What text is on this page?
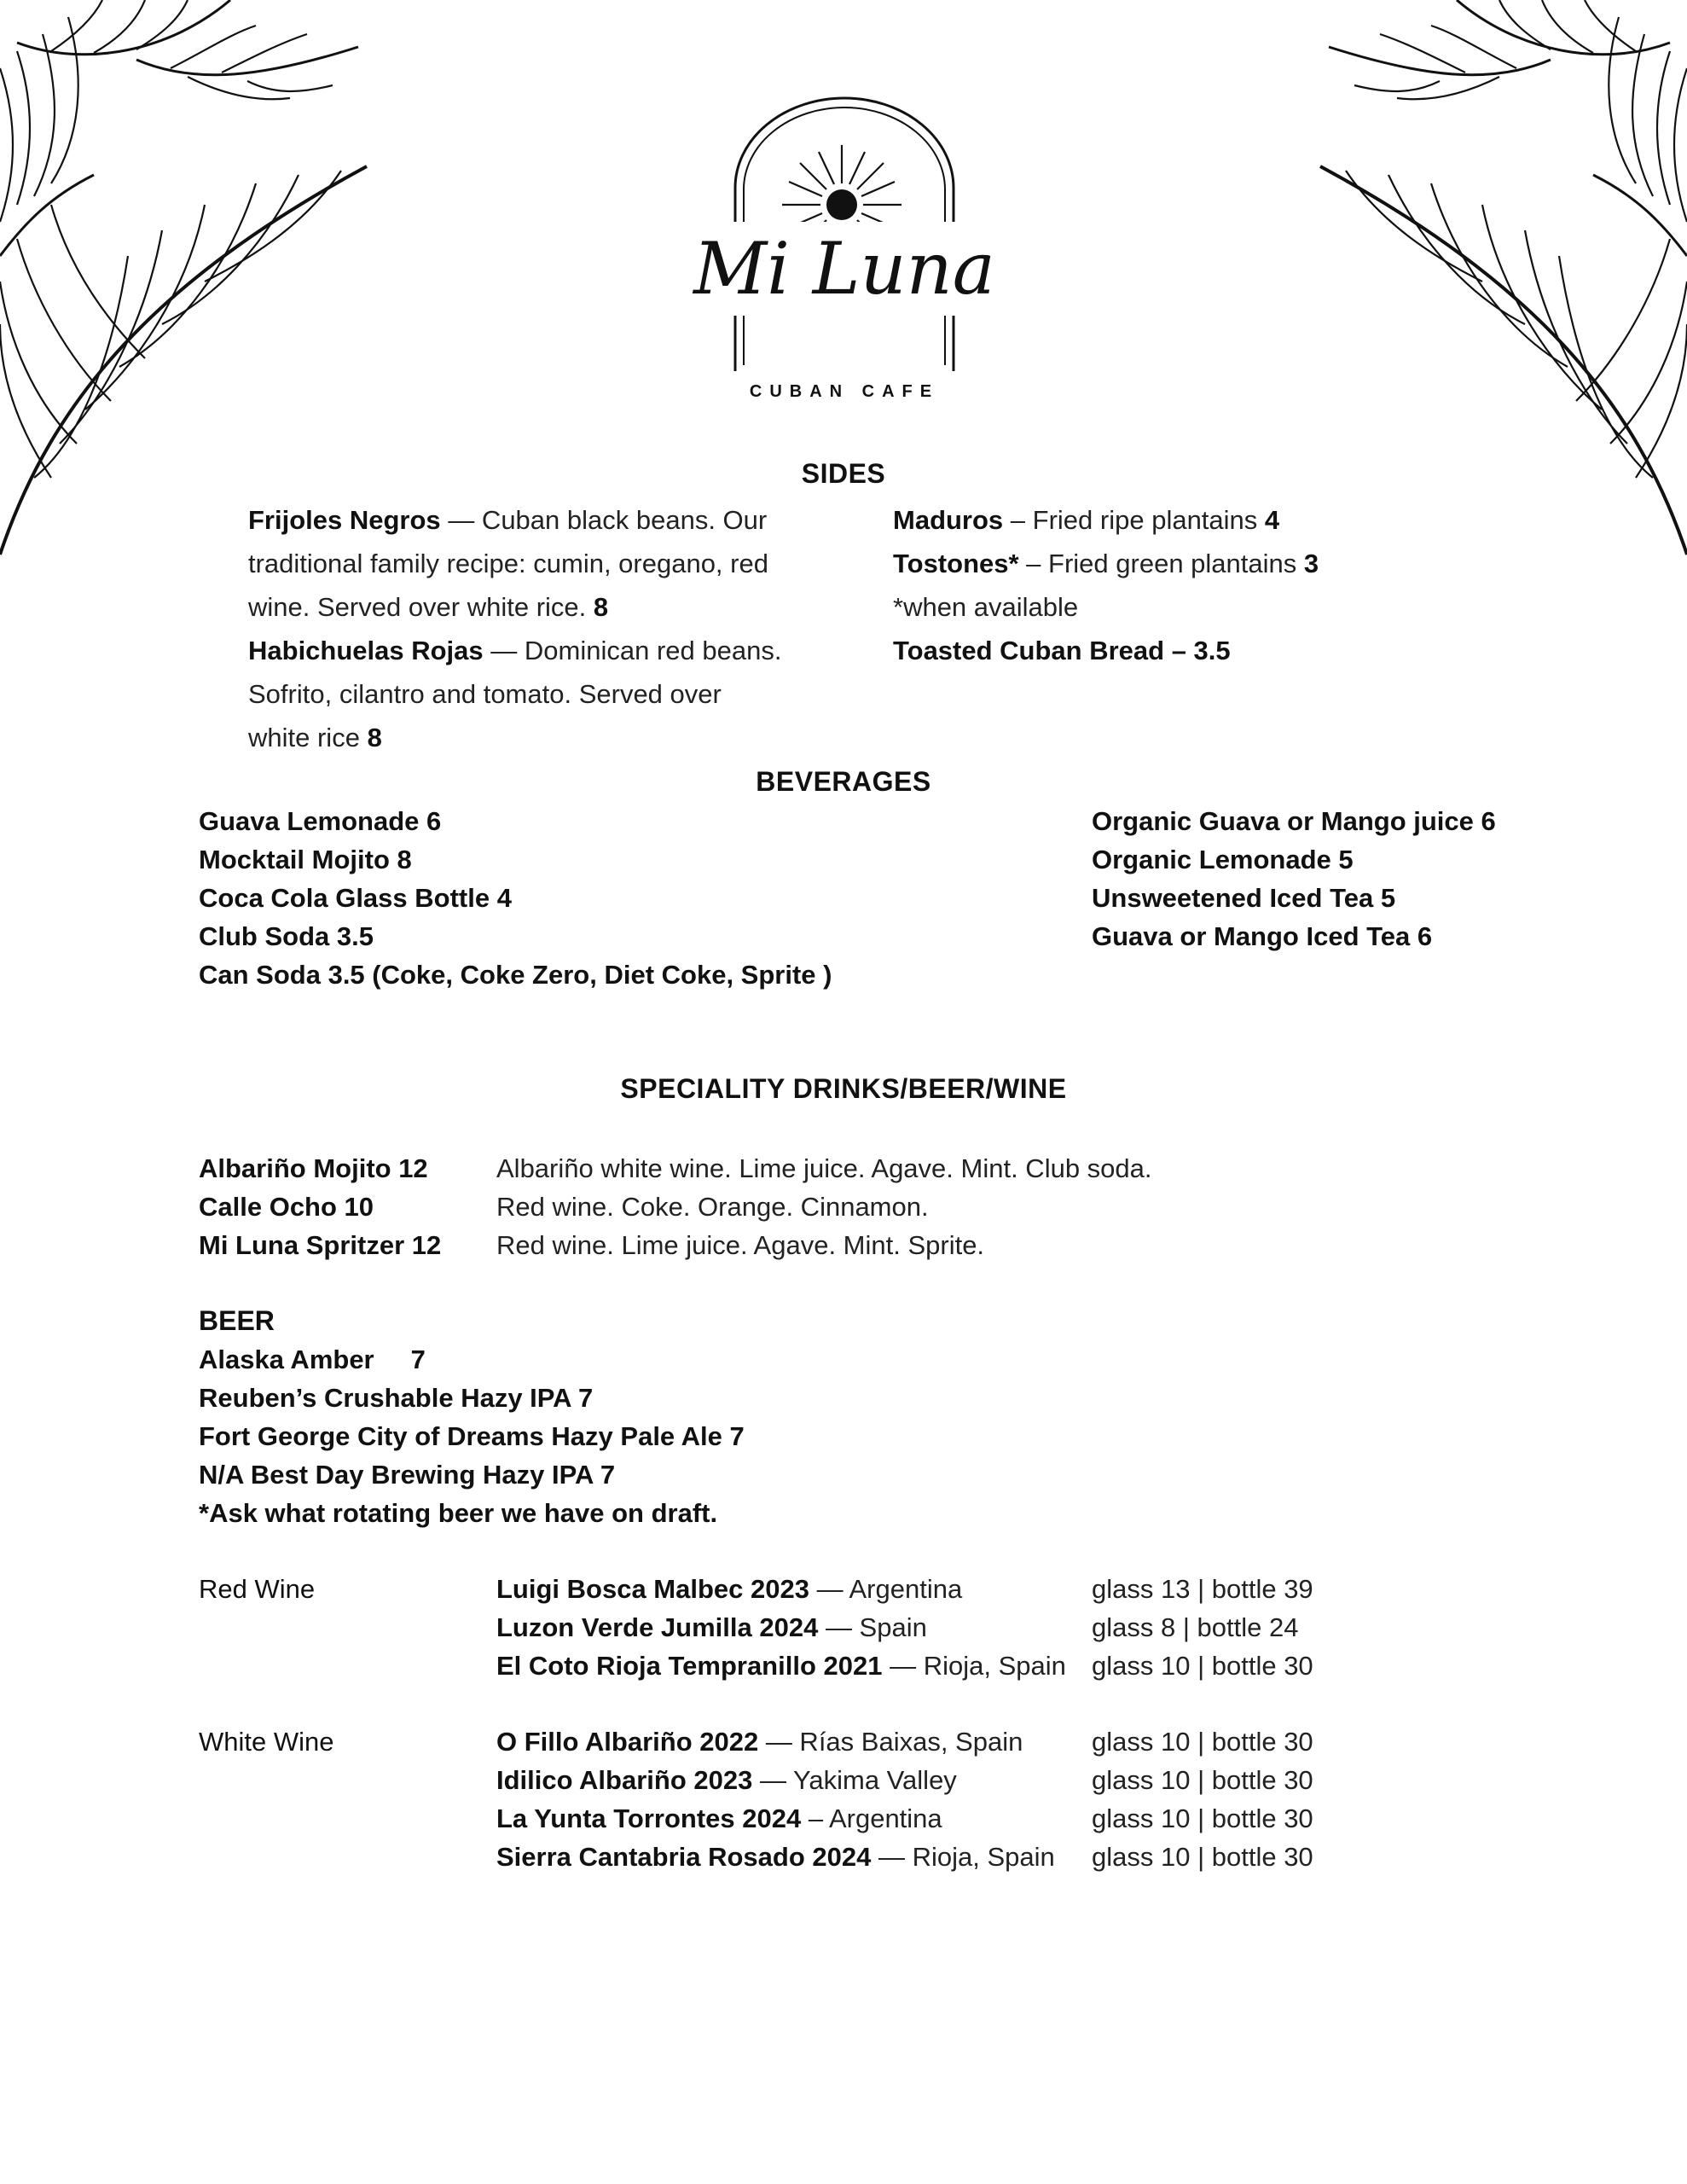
Mi Luna
CUBAN CAFE
SIDES
Frijoles Negros — Cuban black beans. Our
traditional family recipe: cumin, oregano, red
wine. Served over white rice. 8
Habichuelas Rojas — Dominican red beans.
Sofrito, cilantro and tomato. Served over
white rice 8
Maduros – Fried ripe plantains 4
Tostones* – Fried green plantains 3
*when available
Toasted Cuban Bread – 3.5
BEVERAGES
Guava Lemonade 6
Mocktail Mojito 8
Coca Cola Glass Bottle 4
Club Soda 3.5
Can Soda 3.5 (Coke, Coke Zero, Diet Coke, Sprite )
Organic Guava or Mango juice 6
Organic Lemonade 5
Unsweetened Iced Tea 5
Guava or Mango Iced Tea 6
SPECIALITY DRINKS/BEER/WINE
Albariño Mojito 12	Albariño white wine. Lime juice. Agave. Mint. Club soda.
Calle Ocho 10	Red wine. Coke. Orange. Cinnamon.
Mi Luna Spritzer 12	Red wine. Lime juice. Agave. Mint. Sprite.
BEER
Alaska Amber     7
Reuben’s Crushable Hazy IPA 7
Fort George City of Dreams Hazy Pale Ale 7
N/A Best Day Brewing Hazy IPA 7
*Ask what rotating beer we have on draft.
Red Wine	Luigi Bosca Malbec 2023 — Argentina	glass 13 | bottle 39
Luzon Verde Jumilla 2024 — Spain	glass 8 | bottle 24
El Coto Rioja Tempranillo 2021 — Rioja, Spain glass 10 | bottle 30
White Wine	O Fillo Albariño 2022 — Rías Baixas, Spain	glass 10 | bottle 30
Idilico Albariño 2023 — Yakima Valley	glass 10 | bottle 30
La Yunta Torrontes 2024 – Argentina	glass 10 | bottle 30
Sierra Cantabria Rosado 2024 — Rioja, Spain	glass 10 | bottle 30
